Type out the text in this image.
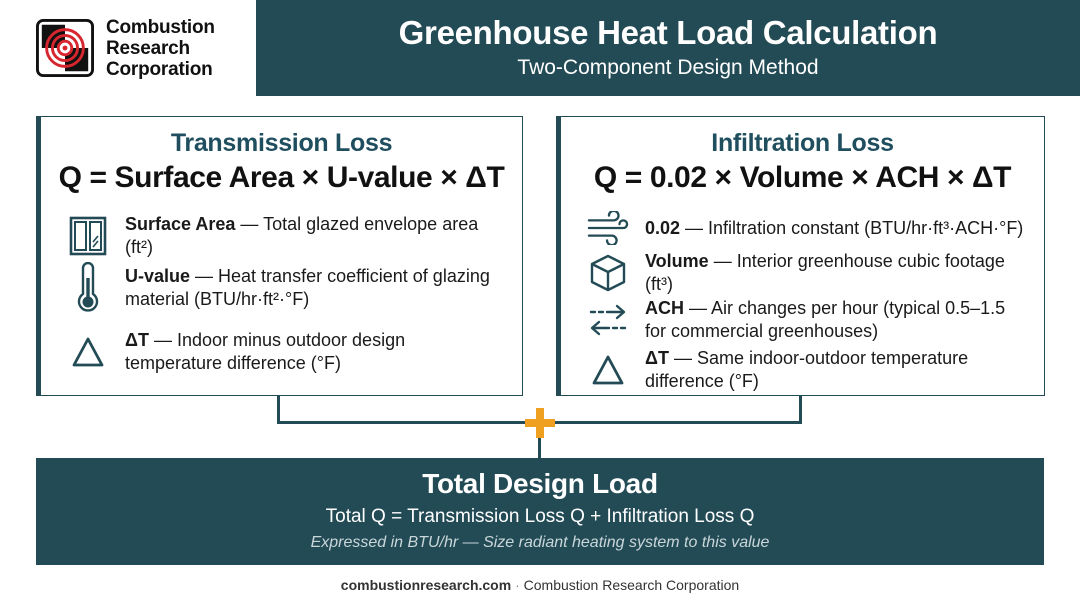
Combustion
Research
Corporation
Greenhouse Heat Load Calculation
Two-Component Design Method
Transmission Loss
Q = Surface Area × U-value × ΔT
Surface Area — Total glazed envelope area (ft²)
U-value — Heat transfer coefficient of glazing material (BTU/hr·ft²·°F)
ΔT — Indoor minus outdoor design temperature difference (°F)
Infiltration Loss
Q = 0.02 × Volume × ACH × ΔT
0.02 — Infiltration constant (BTU/hr·ft³·ACH·°F)
Volume — Interior greenhouse cubic footage (ft³)
ACH — Air changes per hour (typical 0.5–1.5 for commercial greenhouses)
ΔT — Same indoor-outdoor temperature difference (°F)
Total Design Load
Total Q = Transmission Loss Q + Infiltration Loss Q
Expressed in BTU/hr — Size radiant heating system to this value
combustionresearch.com · Combustion Research Corporation
